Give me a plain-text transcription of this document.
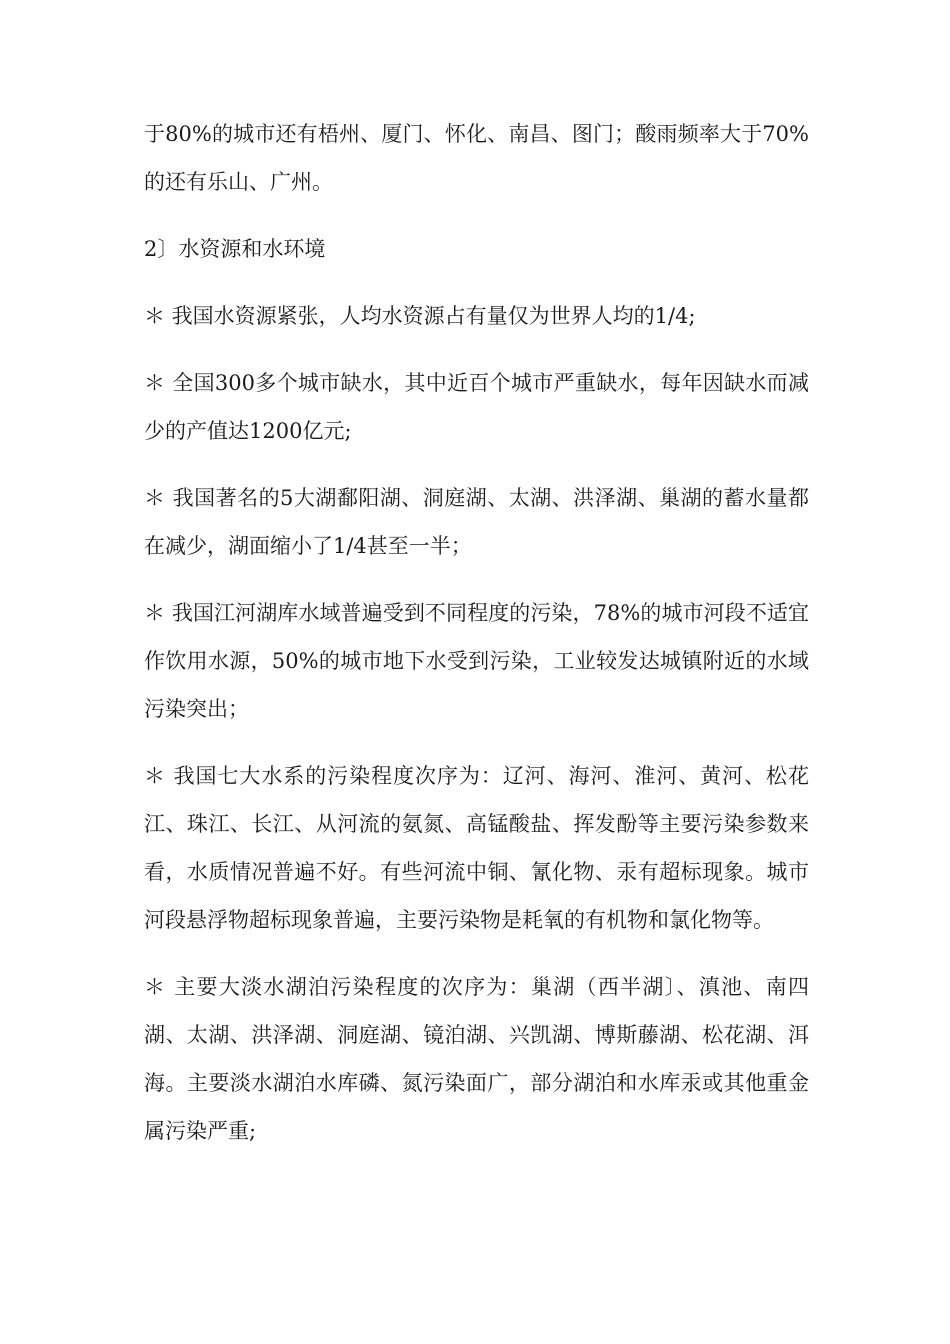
于80%的城市还有梧州、厦门、怀化、南昌、图门；酸雨频率大于70%的还有乐山、广州。

2〕水资源和水环境

＊ 我国水资源紧张，人均水资源占有量仅为世界人均的1/4;

＊ 全国300多个城市缺水，其中近百个城市严重缺水，每年因缺水而减少的产值达1200亿元;

＊ 我国著名的5大湖鄱阳湖、洞庭湖、太湖、洪泽湖、巢湖的蓄水量都在减少，湖面缩小了1/4甚至一半；

＊ 我国江河湖库水域普遍受到不同程度的污染，78%的城市河段不适宜作饮用水源，50%的城市地下水受到污染，工业较发达城镇附近的水域污染突出；

＊ 我国七大水系的污染程度次序为：辽河、海河、淮河、黄河、松花江、珠江、长江、从河流的氨氮、高锰酸盐、挥发酚等主要污染参数来看，水质情况普遍不好。有些河流中铜、氰化物、汞有超标现象。城市河段悬浮物超标现象普遍，主要污染物是耗氧的有机物和氯化物等。

＊ 主要大淡水湖泊污染程度的次序为：巢湖（西半湖〕、滇池、南四湖、太湖、洪泽湖、洞庭湖、镜泊湖、兴凯湖、博斯藤湖、松花湖、洱海。主要淡水湖泊水库磷、氮污染面广，部分湖泊和水库汞或其他重金属污染严重;
